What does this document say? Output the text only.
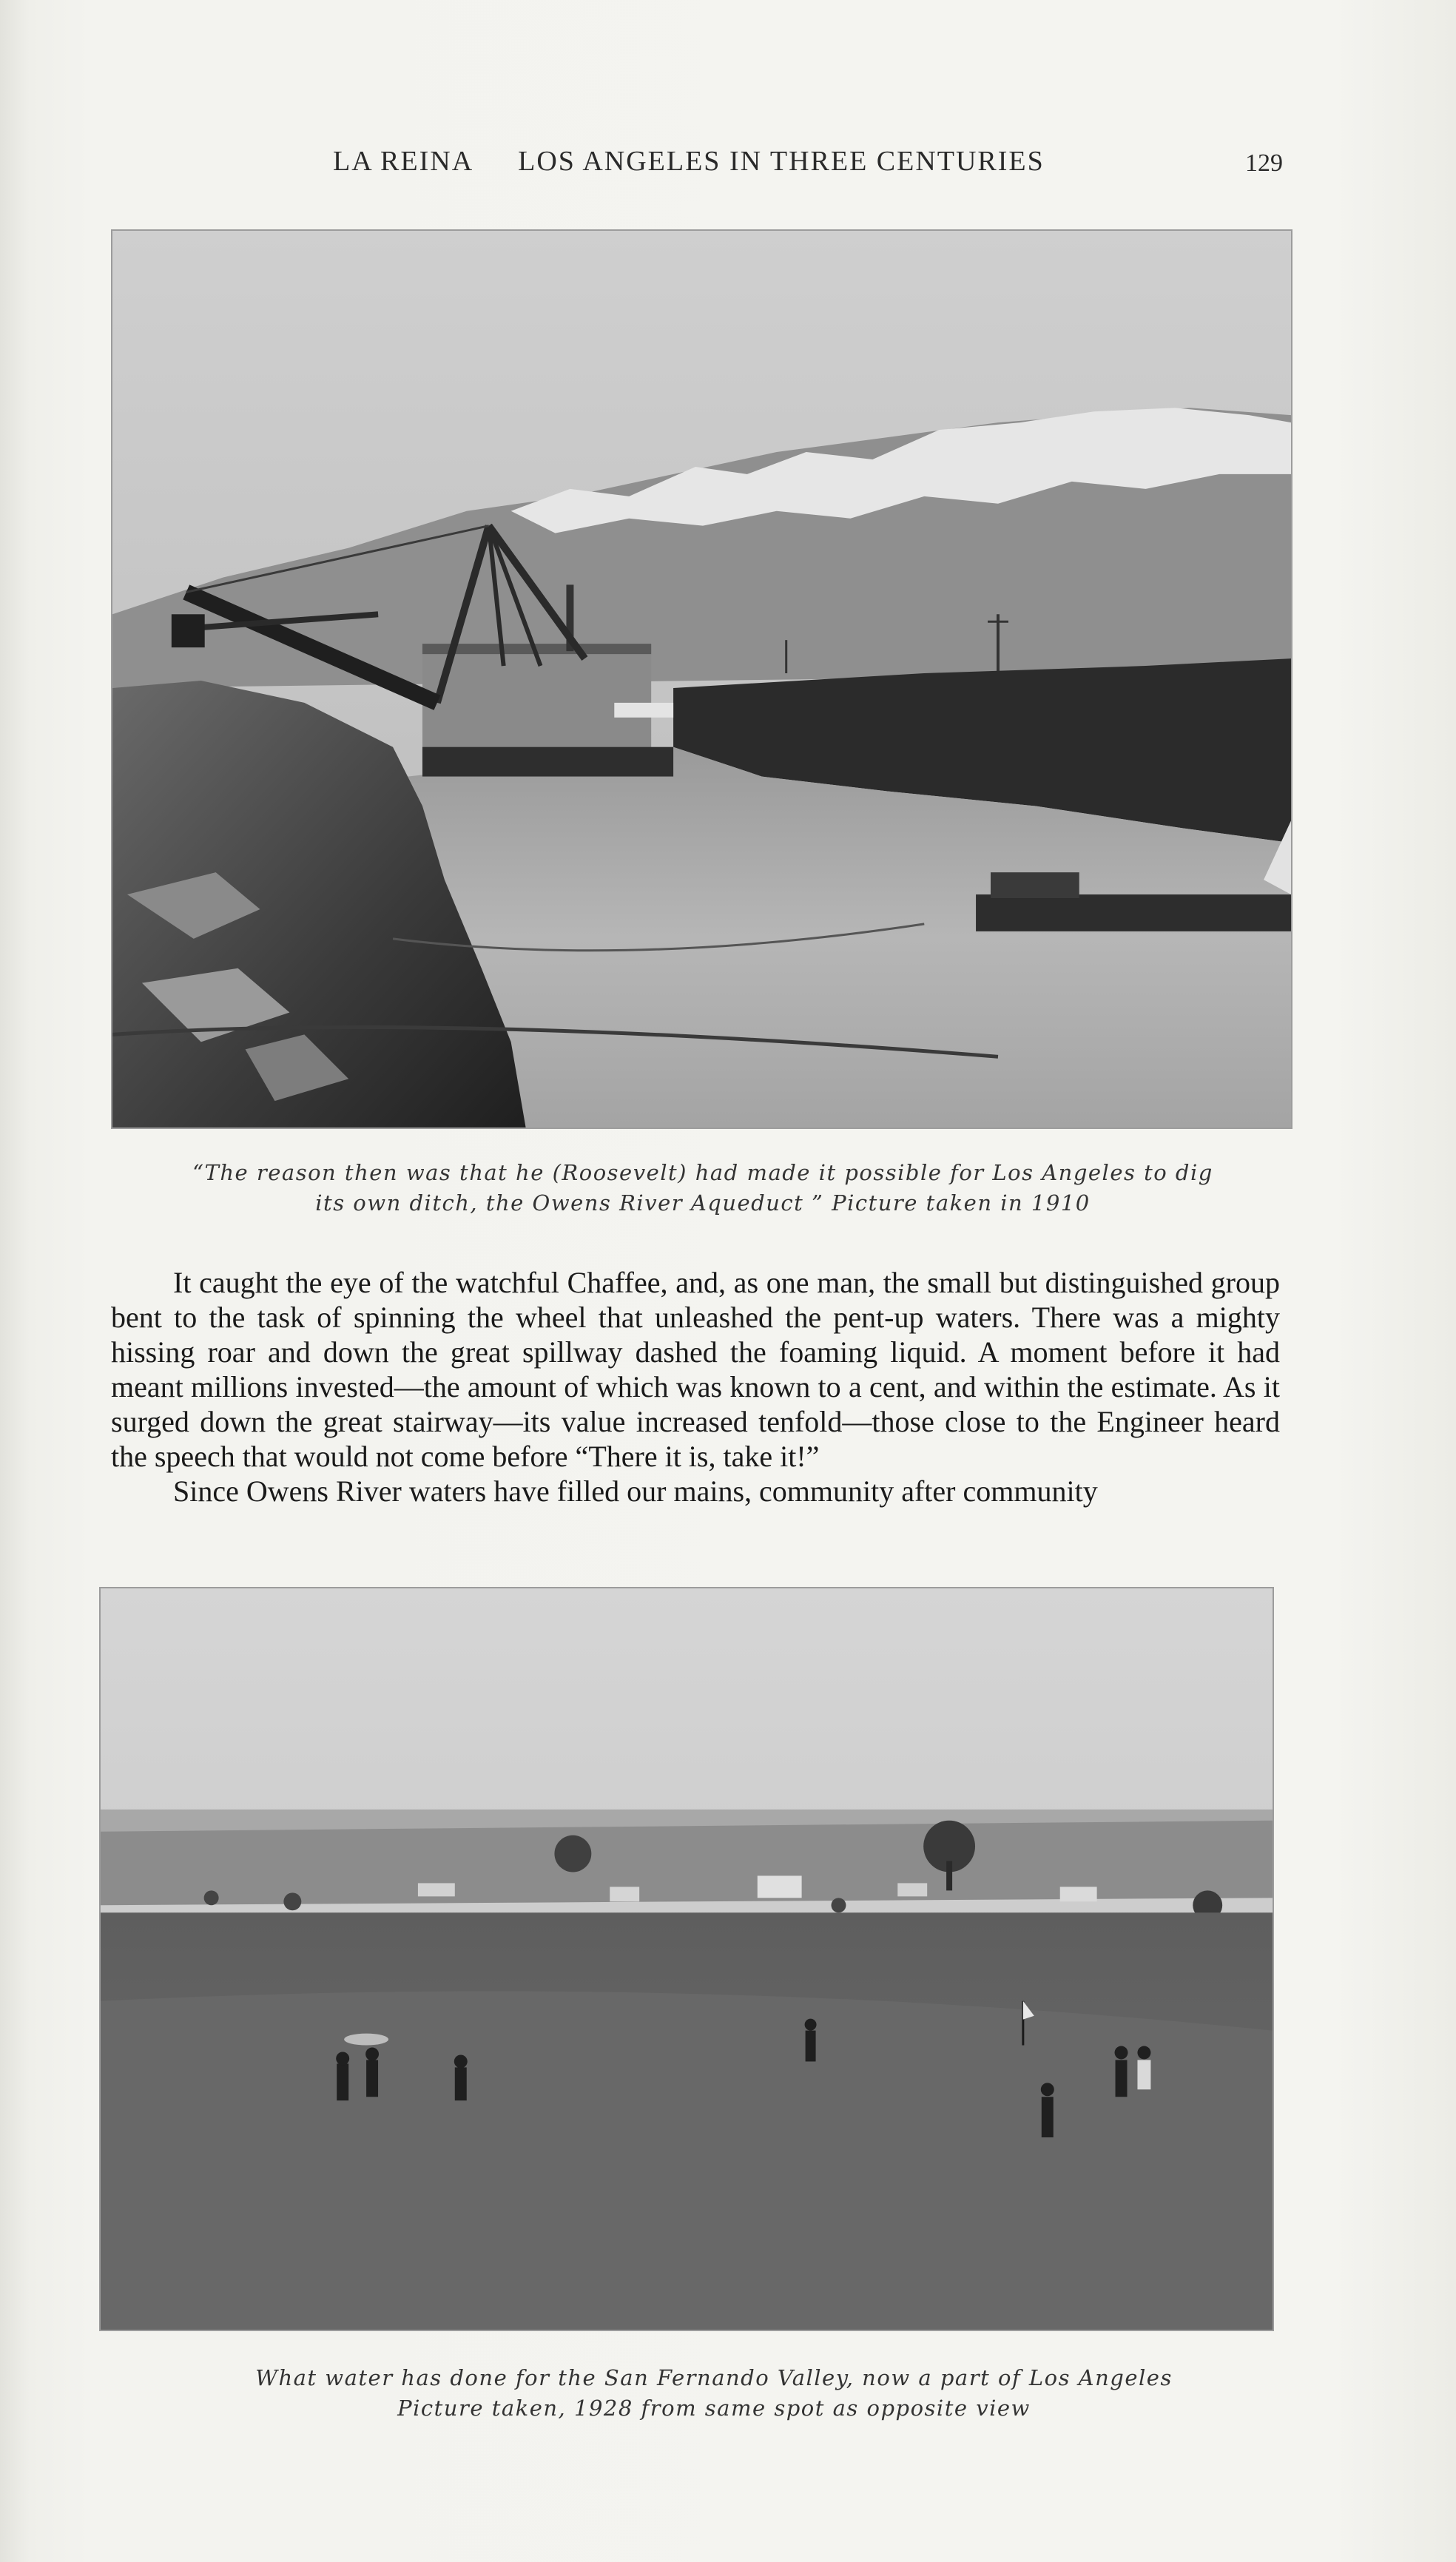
LA REINA LOS ANGELES IN THREE CENTURIES	129
“The reason then was that he (Roosevelt) had made it possible for Los Angeles to dig
its own ditch, the Owens River Aqueduct ” Picture taken in 1910

It caught the eye of the watchful Chaffee, and, as one man, the small but distinguished group bent to the task of spinning the wheel that unleashed the pent-up waters. There was a mighty hissing roar and down the great spillway dashed the foaming liquid. A moment before it had meant millions invested—the amount of which was known to a cent, and within the estimate. As it surged down the great stairway—its value increased tenfold—those close to the Engineer heard the speech that would not come before “There it is, take it!”

Since Owens River waters have filled our mains, community after community

What water has done for the San Fernando Valley, now a part of Los Angeles
Picture taken, 1928 from same spot as opposite view
